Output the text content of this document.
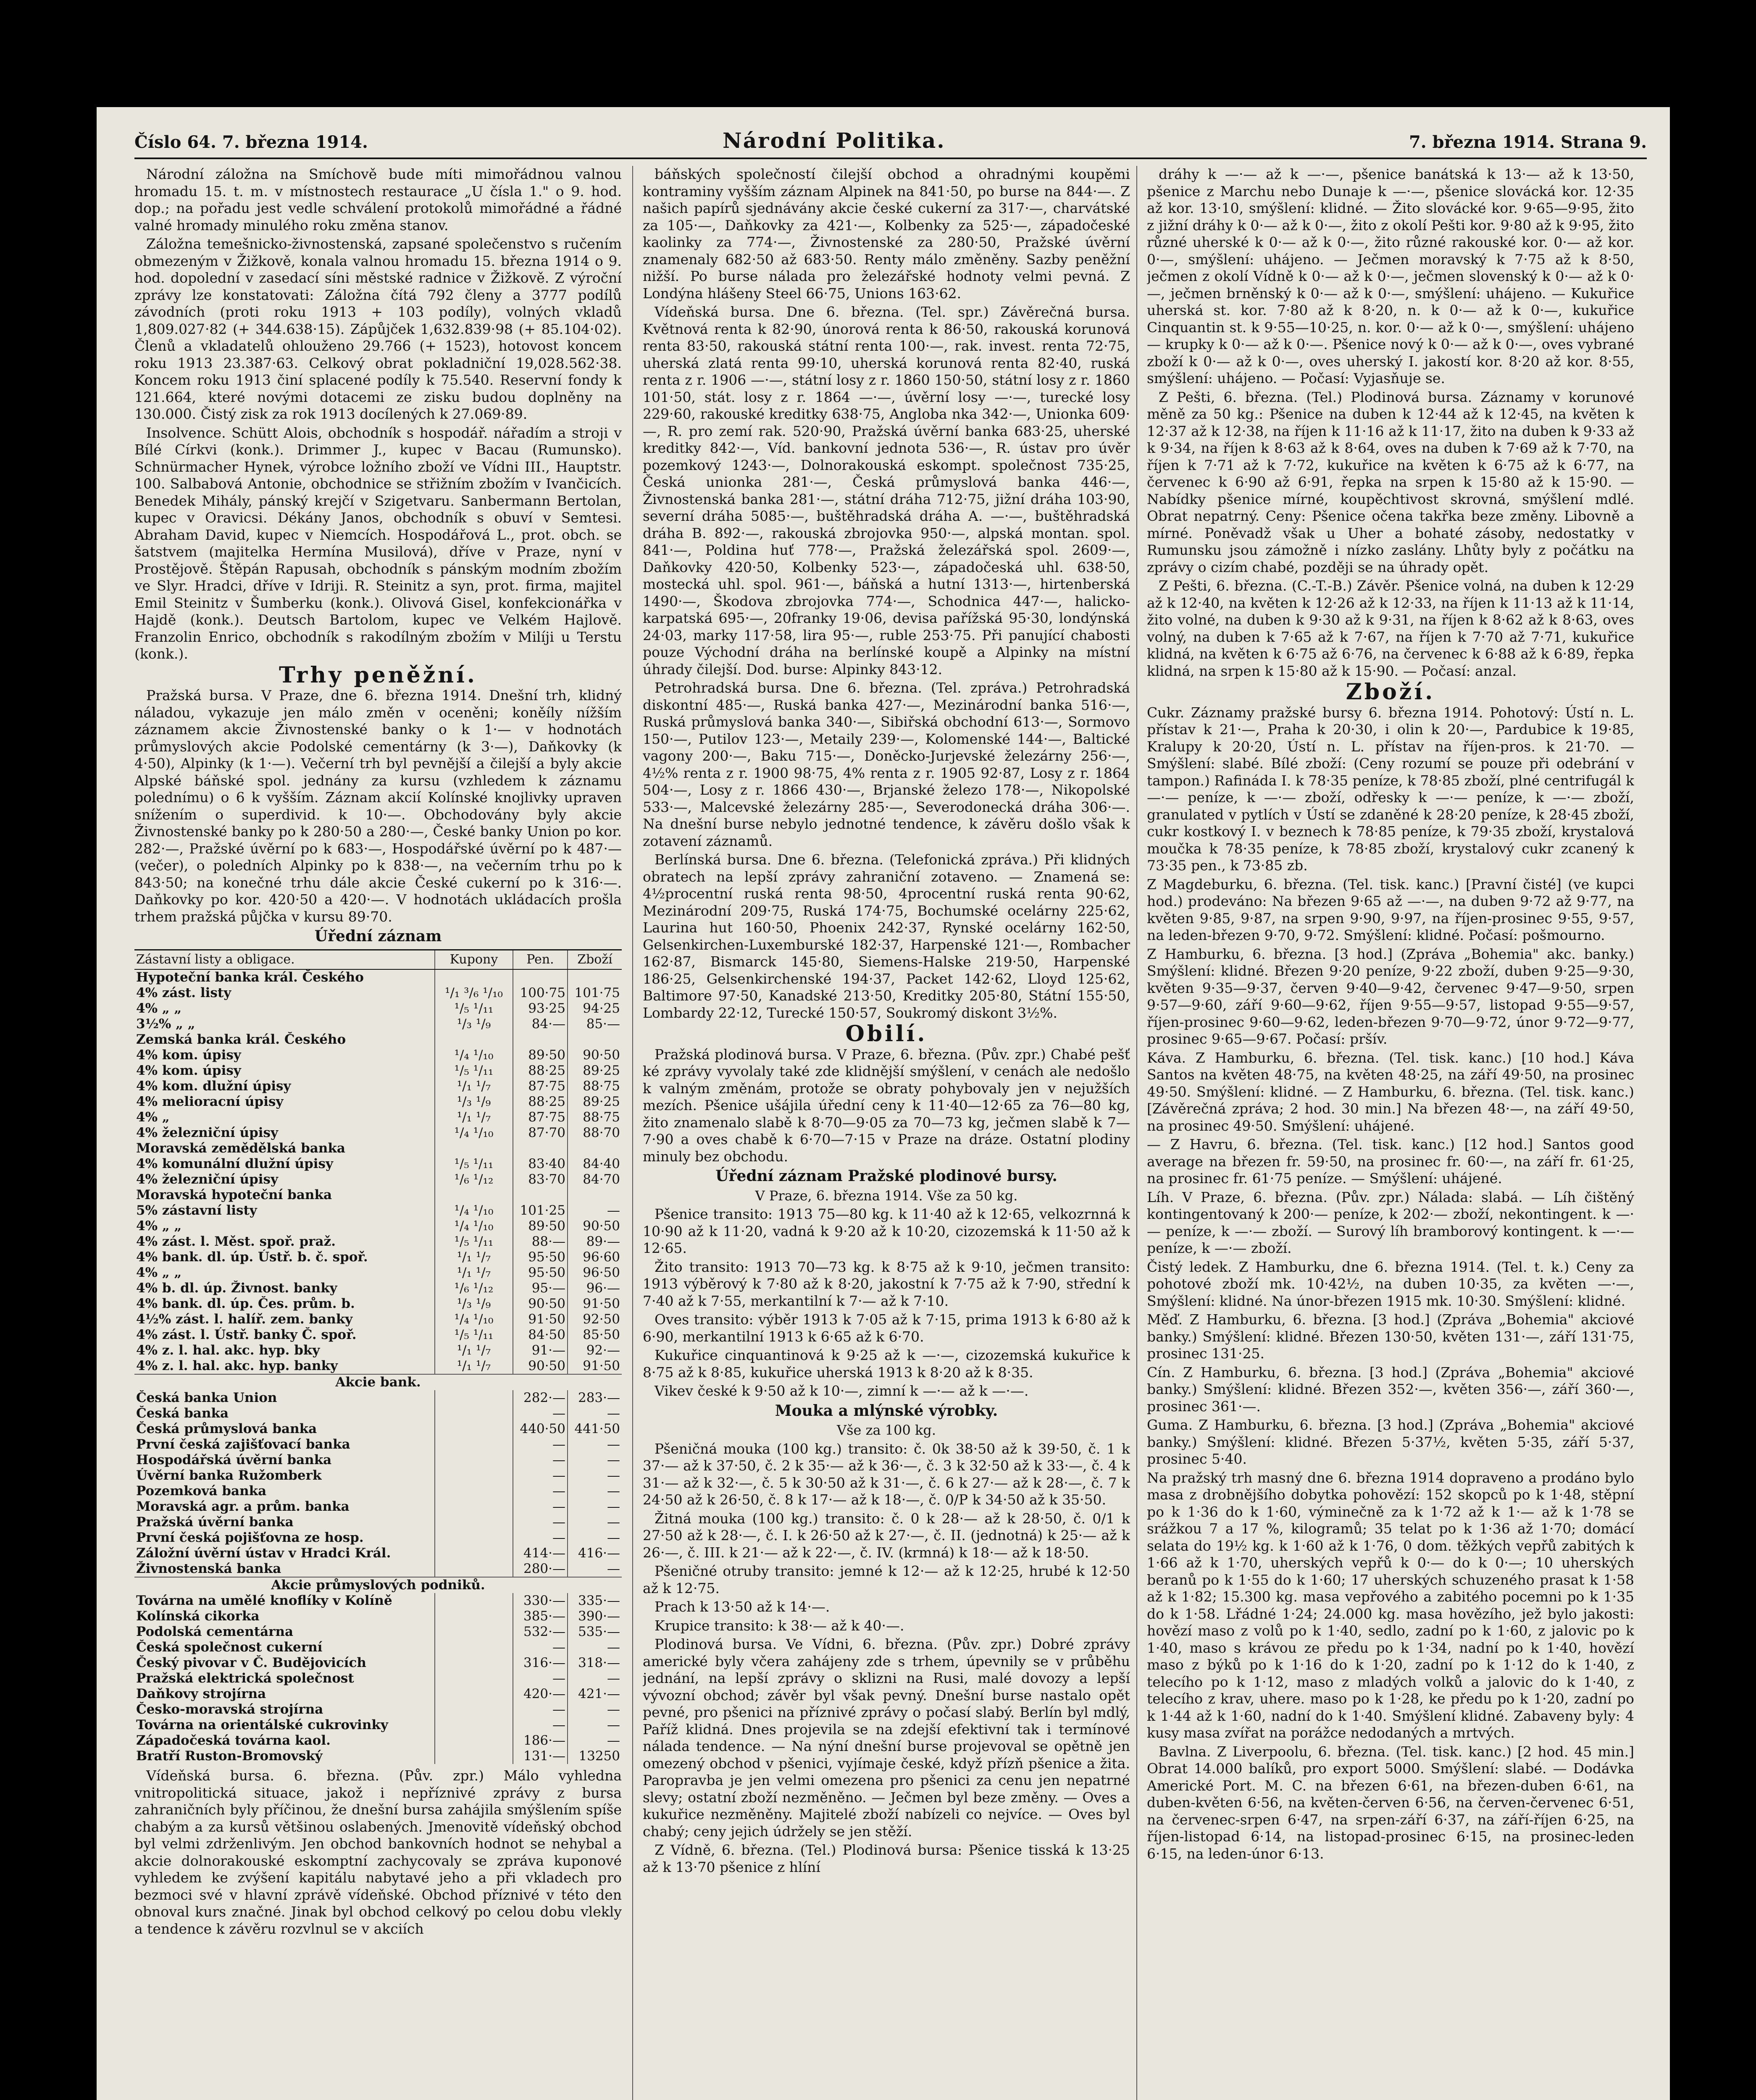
Číslo 64. 7. března 1914.	Národní Politika.	7. března 1914. Strana 9.

Národní záložna na Smíchově bude míti mimořádnou valnou hromadu 15. t. m. v místnostech restaurace „U čísla 1." o 9. hod. dop.; na pořadu jest vedle schválení protokolů mimořádné a řádné valné hromady minulého roku změna stanov.

Záložna temešnicko-živnostenská, zapsané společenstvo s ručením obmezeným v Žižkově, konala valnou hromadu 15. března 1914 o 9. hod. dopolední v zasedací síni městské radnice v Žižkově. Z výroční zprávy lze konstatovati: Záložna čítá 792 členy a 3777 podílů závodních (proti roku 1913 + 103 podíly), volných vkladů 1,809.027·82 (+ 344.638·15). Zápůjček 1,632.839·98 (+ 85.104·02). Členů a vkladatelů ohlouženo 29.766 (+ 1523), hotovost koncem roku 1913 23.387·63. Celkový obrat pokladniční 19,028.562·38. Koncem roku 1913 činí splacené podíly k 75.540. Reservní fondy k 121.664, které novými dotacemi ze zisku budou doplněny na 130.000. Čistý zisk za rok 1913 docílených k 27.069·89.

Insolvence. Schütt Alois, obchodník s hospodář. nářadím a stroji v Bílé Církvi (konk.). Drimmer J., kupec v Bacau (Rumunsko). Schnürmacher Hynek, výrobce ložního zboží ve Vídni III., Hauptstr. 100. Salbabová Antonie, obchodnice se střižním zbožím v Ivančicích. Benedek Mihály, pánský krejčí v Szigetvaru. Sanbermann Bertolan, kupec v Oravicsi. Dékány Janos, obchodník s obuví v Semtesi. Abraham David, kupec v Niemcích. Hospodářová L., prot. obch. se šatstvem (majitelka Hermína Musilová), dříve v Praze, nyní v Prostějově. Štěpán Rapusah, obchodník s pánským modním zbožím ve Slyr. Hradci, dříve v Idriji. R. Steinitz a syn, prot. firma, majitel Emil Steinitz v Šumberku (konk.). Olivová Gisel, konfekcionářka v Hajdě (konk.). Deutsch Bartolom, kupec ve Velkém Hajlově. Franzolin Enrico, obchodník s rakodílným zbožím v Milíji u Terstu (konk.).

Trhy peněžní.

Pražská bursa. V Praze, dne 6. března 1914. Dnešní trh, klidný náladou, vykazuje jen málo změn v oceněni; koněíly nížším záznamem akcie Živnostenské banky o k 1·— v hodnotách průmyslových akcie Podolské cementárny (k 3·—), Daňkovky (k 4·50), Alpinky (k 1·—). Večerní trh byl pevnější a čilejší a byly akcie Alpské báňské spol. jednány za kursu (vzhledem k záznamu polednímu) o 6 k vyšším. Záznam akcií Kolínské knojlivky upraven snížením o superdivid. k 10·—. Obchodovány byly akcie Živnostenské banky po k 280·50 a 280·—, České banky Union po kor. 282·—, Pražské úvěrní po k 683·—, Hospodářské úvěrní po k 487·— (večer), o poledních Alpinky po k 838·—, na večerním trhu po k 843·50; na konečné trhu dále akcie České cukerní po k 316·—. Daňkovky po kor. 420·50 a 420·—. V hodnotách ukládacích prošla trhem pražská půjčka v kursu 89·70.

Úřední záznam
Zástavní listy a obligace.	Kupony	Pen.	Zboží
Hypoteční banka král. Českého			
4% zást. listy	¹/₁ ³/₆ ¹/₁₀	100·75	101·75
4% „ „	¹/₅ ¹/₁₁	93·25	94·25
3½% „ „	¹/₃ ¹/₉	84·—	85·—
Zemská banka král. Českého			
4% kom. úpisy	¹/₄ ¹/₁₀	89·50	90·50
4% kom. úpisy	¹/₅ ¹/₁₁	88·25	89·25
4% kom. dlužní úpisy	¹/₁ ¹/₇	87·75	88·75
4% melioracní úpisy	¹/₃ ¹/₉	88·25	89·25
4% „	¹/₁ ¹/₇	87·75	88·75
4% železniční úpisy	¹/₄ ¹/₁₀	87·70	88·70
Moravská zemědělská banka			
4% komunální dlužní úpisy	¹/₅ ¹/₁₁	83·40	84·40
4% železniční úpisy	¹/₆ ¹/₁₂	83·70	84·70
Moravská hypoteční banka			
5% zástavní listy	¹/₄ ¹/₁₀	101·25	—
4% „ „	¹/₄ ¹/₁₀	89·50	90·50
4% zást. l. Měst. spoř. praž.	¹/₅ ¹/₁₁	88·—	89·—
4% bank. dl. úp. Ústř. b. č. spoř.	¹/₁ ¹/₇	95·50	96·60
4% „ „	¹/₁ ¹/₇	95·50	96·50
4% b. dl. úp. Živnost. banky	¹/₆ ¹/₁₂	95·—	96·—
4% bank. dl. úp. Čes. prům. b.	¹/₃ ¹/₉	90·50	91·50
4½% zást. l. halíř. zem. banky	¹/₄ ¹/₁₀	91·50	92·50
4% zást. l. Ústř. banky Č. spoř.	¹/₅ ¹/₁₁	84·50	85·50
4% z. l. hal. akc. hyp. bky	¹/₁ ¹/₇	91·—	92·—
4% z. l. hal. akc. hyp. banky	¹/₁ ¹/₇	90·50	91·50
Akcie bank.			
Česká banka Union		282·—	283·—
Česká banka		—	—
Česká průmyslová banka		440·50	441·50
První česká zajišťovací banka		—	—
Hospodářská úvěrní banka		—	—
Úvěrní banka Ružomberk		—	—
Pozemková banka		—	—
Moravská agr. a prům. banka		—	—
Pražská úvěrní banka		—	—
První česká pojišťovna ze hosp.		—	—
Záložní úvěrní ústav v Hradci Král.		414·—	416·—
Živnostenská banka		280·—	—
Akcie průmyslových podniků.			
Továrna na umělé knoflíky v Kolíně		330·—	335·—
Kolínská cikorka		385·—	390·—
Podolská cementárna		532·—	535·—
Česká společnost cukerní		—	—
Český pivovar v Č. Budějovicích		316·—	318·—
Pražská elektrická společnost		—	—
Daňkovy strojírna		420·—	421·—
Česko-moravská strojírna		—	—
Továrna na orientálské cukrovinky		—	—
Západočeská továrna kaol.		186·—	—
Bratří Ruston-Bromovský		131·—	13250

Vídeňská bursa. 6. března. (Pův. zpr.) Málo vyhledna vnitropolitická situace, jakož i nepříznivé zprávy z bursa zahraničních byly příčinou, že dnešní bursa zahájila smýšlením spíše chabým a za kursů většinou oslabených. Jmenovitě vídeňský obchod byl velmi zdrženlivým. Jen obchod bankovních hodnot se nehybal a akcie dolnorakouské eskomptní zachycovaly se zpráva kuponové vyhledem ke zvýšení kapitálu nabytavé jeho a při vkladech pro bezmoci své v hlavní zprávě vídeňské. Obchod příznivé v této den obnoval kurs značné. Jinak byl obchod celkový po celou dobu vlekly a tendence k závěru rozvlnul se v akciích

báňských společností čilejší obchod a ohradnými koupěmi kontraminy vyšším záznam Alpinek na 841·50, po burse na 844·—. Z našich papírů sjednávány akcie české cukerní za 317·—, charvátské za 105·—, Daňkovky za 421·—, Kolbenky za 525·—, západočeské kaolinky za 774·—, Živnostenské za 280·50, Pražské úvěrní znamenaly 682·50 až 683·50. Renty málo změněny. Sazby peněžní nižší. Po burse nálada pro železářské hodnoty velmi pevná. Z Londýna hlášeny Steel 66·75, Unions 163·62.

Vídeňská bursa. Dne 6. března. (Tel. spr.) Závěrečná bursa. Květnová renta k 82·90, únorová renta k 86·50, rakouská korunová renta 83·50, rakouská státní renta 100·—, rak. invest. renta 72·75, uherská zlatá renta 99·10, uherská korunová renta 82·40, ruská renta z r. 1906 —·—, státní losy z r. 1860 150·50, státní losy z r. 1860 101·50, stát. losy z r. 1864 —·—, úvěrní losy —·—, turecké losy 229·60, rakouské kreditky 638·75, Angloba nka 342·—, Unionka 609·—, R. pro zemí rak. 520·90, Pražská úvěrní banka 683·25, uherské kreditky 842·—, Víd. bankovní jednota 536·—, R. ústav pro úvěr pozemkový 1243·—, Dolnorakouská eskompt. společnost 735·25, Česká unionka 281·—, Česká průmyslová banka 446·—, Živnostenská banka 281·—, státní dráha 712·75, jižní dráha 103·90, severní dráha 5085·—, buštěhradská dráha A. —·—, buštěhradská dráha B. 892·—, rakouská zbrojovka 950·—, alpská montan. spol. 841·—, Poldina huť 778·—, Pražská železářská spol. 2609·—, Daňkovky 420·50, Kolbenky 523·—, západočeská uhl. 638·50, mostecká uhl. spol. 961·—, báňská a hutní 1313·—, hirtenberská 1490·—, Škodova zbrojovka 774·—, Schodnica 447·—, halicko-karpatská 695·—, 20franky 19·06, devisa pařížská 95·30, londýnská 24·03, marky 117·58, lira 95·—, ruble 253·75. Při panující chabosti pouze Východní dráha na berlínské koupě a Alpinky na místní úhrady čilejší. Dod. burse: Alpinky 843·12.

Petrohradská bursa. Dne 6. března. (Tel. zpráva.) Petrohradská diskontní 485·—, Ruská banka 427·—, Mezinárodní banka 516·—, Ruská průmyslová banka 340·—, Sibiřská obchodní 613·—, Sormovo 150·—, Putilov 123·—, Metaily 239·—, Kolomenské 144·—, Baltické vagony 200·—, Baku 715·—, Doněcko-Jurjevské železárny 256·—, 4½% renta z r. 1900 98·75, 4% renta z r. 1905 92·87, Losy z r. 1864 504·—, Losy z r. 1866 430·—, Brjanské železo 178·—, Nikopolské 533·—, Malcevské železárny 285·—, Severodonecká dráha 306·—. Na dnešní burse nebylo jednotné tendence, k závěru došlo však k zotavení záznamů.

Berlínská bursa. Dne 6. března. (Telefonická zpráva.) Při klidných obratech na lepší zprávy zahraniční zotaveno. — Znamená se: 4½procentní ruská renta 98·50, 4procentní ruská renta 90·62, Mezinárodní 209·75, Ruská 174·75, Bochumské ocelárny 225·62, Laurina hut 160·50, Phoenix 242·37, Rynské ocelárny 162·50, Gelsenkirchen-Luxemburské 182·37, Harpenské 121·—, Rombacher 162·87, Bismarck 145·80, Siemens-Halske 219·50, Harpenské 186·25, Gelsenkirchenské 194·37, Packet 142·62, Lloyd 125·62, Baltimore 97·50, Kanadské 213·50, Kreditky 205·80, Státní 155·50, Lombardy 22·12, Turecké 150·57, Soukromý diskont 3½%.

Obilí.

Pražská plodinová bursa. V Praze, 6. března. (Pův. zpr.) Chabé pešť ké zprávy vyvolaly také zde klidnější smýšlení, v cenách ale nedošlo k valným změnám, protože se obraty pohybovaly jen v nejužších mezích. Pšenice ušájila úřední ceny k 11·40—12·65 za 76—80 kg, žito znamenalo slabě k 8·70—9·05 za 70—73 kg, ječmen slabě k 7—7·90 a oves chabě k 6·70—7·15 v Praze na dráze. Ostatní plodiny minuly bez obchodu.

Úřední záznam Pražské plodinové bursy.
V Praze, 6. března 1914. Vše za 50 kg.

Pšenice transito: 1913 75—80 kg. k 11·40 až k 12·65, velkozrnná k 10·90 až k 11·20, vadná k 9·20 až k 10·20, cizozemská k 11·50 až k 12·65.

Žito transito: 1913 70—73 kg. k 8·75 až k 9·10, ječmen transito: 1913 výběrový k 7·80 až k 8·20, jakostní k 7·75 až k 7·90, střední k 7·40 až k 7·55, merkantilní k 7·— až k 7·10.

Oves transito: výběr 1913 k 7·05 až k 7·15, prima 1913 k 6·80 až k 6·90, merkantilní 1913 k 6·65 až k 6·70.

Kukuřice cinquantinová k 9·25 až k —·—, cizozemská kukuřice k 8·75 až k 8·85, kukuřice uherská 1913 k 8·20 až k 8·35.

Vikev české k 9·50 až k 10·—, zimní k —·— až k —·—.

Mouka a mlýnské výrobky.
Vše za 100 kg.

Pšeničná mouka (100 kg.) transito: č. 0k 38·50 až k 39·50, č. 1 k 37·— až k 37·50, č. 2 k 35·— až k 36·—, č. 3 k 32·50 až k 33·—, č. 4 k 31·— až k 32·—, č. 5 k 30·50 až k 31·—, č. 6 k 27·— až k 28·—, č. 7 k 24·50 až k 26·50, č. 8 k 17·— až k 18·—, č. 0/P k 34·50 až k 35·50.

Žitná mouka (100 kg.) transito: č. 0 k 28·— až k 28·50, č. 0/1 k 27·50 až k 28·—, č. I. k 26·50 až k 27·—, č. II. (jednotná) k 25·— až k 26·—, č. III. k 21·— až k 22·—, č. IV. (krmná) k 18·— až k 18·50.

Pšeničné otruby transito: jemné k 12·— až k 12·25, hrubé k 12·50 až k 12·75.

Prach k 13·50 až k 14·—.

Krupice transito: k 38·— až k 40·—.

Plodinová bursa. Ve Vídni, 6. března. (Pův. zpr.) Dobré zprávy americké byly včera zahájeny zde s trhem, úpevnily se v průběhu jednání, na lepší zprávy o sklizni na Rusi, malé dovozy a lepší vývozní obchod; závěr byl však pevný. Dnešní burse nastalo opět pevné, pro pšenici na příznivé zprávy o počasí slabý. Berlín byl mdlý, Paříž klidná. Dnes projevila se na zdejší efektivní tak i termínové nálada tendence. — Na nýní dnešní burse projevoval se opětně jen omezený obchod v pšenici, vyjímaje české, když přízň pšenice a žita. Paropravba je jen velmi omezena pro pšenici za cenu jen nepatrné slevy; ostatní zboží nezměněno. — Ječmen byl beze změny. — Oves a kukuřice nezměněny. Majitelé zboží nabízeli co nejvíce. — Oves byl chabý; ceny jejich údržely se jen stěží.

Z Vídně, 6. března. (Tel.) Plodinová bursa: Pšenice tisská k 13·25 až k 13·70 pšenice z hlíní

dráhy k —·— až k —·—, pšenice banátská k 13·— až k 13·50, pšenice z Marchu nebo Dunaje k —·—, pšenice slovácká kor. 12·35 až kor. 13·10, smýšlení: klidné. — Žito slovácké kor. 9·65—9·95, žito z jižní dráhy k 0·— až k 0·—, žito z okolí Pešti kor. 9·80 až k 9·95, žito různé uherské k 0·— až k 0·—, žito různé rakouské kor. 0·— až kor. 0·—, smýšlení: uhájeno. — Ječmen moravský k 7·75 až k 8·50, ječmen z okolí Vídně k 0·— až k 0·—, ječmen slovenský k 0·— až k 0·—, ječmen brněnský k 0·— až k 0·—, smýšlení: uhájeno. — Kukuřice uherská st. kor. 7·80 až k 8·20, n. k 0·— až k 0·—, kukuřice Cinquantin st. k 9·55—10·25, n. kor. 0·— až k 0·—, smýšlení: uhájeno — krupky k 0·— až k 0·—. Pšenice nový k 0·— až k 0·—, oves vybrané zboží k 0·— až k 0·—, oves uherský I. jakostí kor. 8·20 až kor. 8·55, smýšlení: uhájeno. — Počasí: Vyjasňuje se.

Z Pešti, 6. března. (Tel.) Plodinová bursa. Záznamy v korunové měně za 50 kg.: Pšenice na duben k 12·44 až k 12·45, na květen k 12·37 až k 12·38, na říjen k 11·16 až k 11·17, žito na duben k 9·33 až k 9·34, na říjen k 8·63 až k 8·64, oves na duben k 7·69 až k 7·70, na říjen k 7·71 až k 7·72, kukuřice na květen k 6·75 až k 6·77, na červenec k 6·90 až 6·91, řepka na srpen k 15·80 až k 15·90. — Nabídky pšenice mírné, koupěchtivost skrovná, smýšlení mdlé. Obrat nepatrný. Ceny: Pšenice očena takřka beze změny. Libovně a mírné. Poněvadž však u Uher a bohaté zásoby, nedostatky v Rumunsku jsou zámožně i nízko zaslány. Lhůty byly z počátku na zprávy o cizím chabé, později se na úhrady opět.

Z Pešti, 6. března. (C.-T.-B.) Závěr. Pšenice volná, na duben k 12·29 až k 12·40, na květen k 12·26 až k 12·33, na říjen k 11·13 až k 11·14, žito volné, na duben k 9·30 až k 9·31, na říjen k 8·62 až k 8·63, oves volný, na duben k 7·65 až k 7·67, na říjen k 7·70 až 7·71, kukuřice klidná, na květen k 6·75 až 6·76, na červenec k 6·88 až k 6·89, řepka klidná, na srpen k 15·80 až k 15·90. — Počasí: anzal.

Zboží.

Cukr. Záznamy pražské bursy 6. března 1914. Pohotový: Ústí n. L. přístav k 21·—, Praha k 20·30, i olin k 20·—, Pardubice k 19·85, Kralupy k 20·20, Ústí n. L. přístav na říjen-pros. k 21·70. — Smýšlení: slabé. Bílé zboží: (Ceny rozumí se pouze při odebrání v tampon.) Rafináda I. k 78·35 peníze, k 78·85 zboží, plné centrifugál k —·— peníze, k —·— zboží, odřesky k —·— peníze, k —·— zboží, granulated v pytlích v Ústí se zdaněné k 28·20 peníze, k 28·45 zboží, cukr kostkový I. v beznech k 78·85 peníze, k 79·35 zboží, krystalová moučka k 78·35 peníze, k 78·85 zboží, krystalový cukr zcanený k 73·35 pen., k 73·85 zb.

Z Magdeburku, 6. března. (Tel. tisk. kanc.) [Pravní čisté] (ve kupci hod.) prodeváno: Na březen 9·65 až —·—, na duben 9·72 až 9·77, na květen 9·85, 9·87, na srpen 9·90, 9·97, na říjen-prosinec 9·55, 9·57, na leden-březen 9·70, 9·72. Smýšlení: klidné. Počasí: pošmourno.

Z Hamburku, 6. března. [3 hod.] (Zpráva „Bohemia" akc. banky.) Smýšlení: klidné. Březen 9·20 peníze, 9·22 zboží, duben 9·25—9·30, květen 9·35—9·37, červen 9·40—9·42, červenec 9·47—9·50, srpen 9·57—9·60, září 9·60—9·62, říjen 9·55—9·57, listopad 9·55—9·57, říjen-prosinec 9·60—9·62, leden-březen 9·70—9·72, únor 9·72—9·77, prosinec 9·65—9·67. Počasí: pršív.

Káva. Z Hamburku, 6. března. (Tel. tisk. kanc.) [10 hod.] Káva Santos na květen 48·75, na květen 48·25, na září 49·50, na prosinec 49·50. Smýšlení: klidné. — Z Hamburku, 6. března. (Tel. tisk. kanc.) [Závěrečná zpráva; 2 hod. 30 min.] Na březen 48·—, na září 49·50, na prosinec 49·50. Smýšlení: uhájené.

— Z Havru, 6. března. (Tel. tisk. kanc.) [12 hod.] Santos good average na březen fr. 59·50, na prosinec fr. 60·—, na září fr. 61·25, na prosinec fr. 61·75 peníze. — Smýšlení: uhájené.

Líh. V Praze, 6. března. (Pův. zpr.) Nálada: slabá. — Líh čištěný kontingentovaný k 200·— peníze, k 202·— zboží, nekontingent. k —·— peníze, k —·— zboží. — Surový líh bramborový kontingent. k —·— peníze, k —·— zboží.

Čistý ledek. Z Hamburku, dne 6. března 1914. (Tel. t. k.) Ceny za pohotové zboží mk. 10·42½, na duben 10·35, za květen —·—, Smýšlení: klidné. Na únor-březen 1915 mk. 10·30. Smýšlení: klidné.

Měď. Z Hamburku, 6. března. [3 hod.] (Zpráva „Bohemia" akciové banky.) Smýšlení: klidné. Březen 130·50, květen 131·—, září 131·75, prosinec 131·25.

Cín. Z Hamburku, 6. března. [3 hod.] (Zpráva „Bohemia" akciové banky.) Smýšlení: klidné. Březen 352·—, květen 356·—, září 360·—, prosinec 361·—.

Guma. Z Hamburku, 6. března. [3 hod.] (Zpráva „Bohemia" akciové banky.) Smýšlení: klidné. Březen 5·37½, květen 5·35, září 5·37, prosinec 5·40.

Na pražský trh masný dne 6. března 1914 dopraveno a prodáno bylo masa z drobnějšího dobytka pohovězí: 152 skopců po k 1·48, stěpní po k 1·36 do k 1·60, výminečně za k 1·72 až k 1·— až k 1·78 se srážkou 7 a 17 %, kilogramů; 35 telat po k 1·36 až 1·70; domácí selata do 19½ kg. k 1·60 až k 1·76, 0 dom. těžkých vepřů zabitých k 1·66 až k 1·70, uherských vepřů k 0·— do k 0·—; 10 uherských beranů po k 1·55 do k 1·60; 17 uherských schuzeného prasat k 1·58 až k 1·82; 15.300 kg. masa vepřového a zabitého pocemni po k 1·35 do k 1·58. Lřádné 1·24; 24.000 kg. masa hovězího, jež bylo jakosti: hovězí maso z volů po k 1·40, sedlo, zadní po k 1·60, z jalovic po k 1·40, maso s krávou ze předu po k 1·34, nadní po k 1·40, hovězí maso z býků po k 1·16 do k 1·20, zadní po k 1·12 do k 1·40, z telecího po k 1·12, maso z mladých volků a jalovic do k 1·40, z telecího z krav, uhere. maso po k 1·28, ke předu po k 1·20, zadní po k 1·44 až k 1·60, nadní do k 1·40. Smýšlení klidné. Zabaveny byly: 4 kusy masa zvířat na porážce nedodaných a mrtvých.

Bavlna. Z Liverpoolu, 6. března. (Tel. tisk. kanc.) [2 hod. 45 min.] Obrat 14.000 balíků, pro export 5000. Smýšlení: slabé. — Dodávka Americké Port. M. C. na březen 6·61, na březen-duben 6·61, na duben-květen 6·56, na květen-červen 6·56, na červen-červenec 6·51, na červenec-srpen 6·47, na srpen-září 6·37, na září-říjen 6·25, na říjen-listopad 6·14, na listopad-prosinec 6·15, na prosinec-leden 6·15, na leden-únor 6·13.
